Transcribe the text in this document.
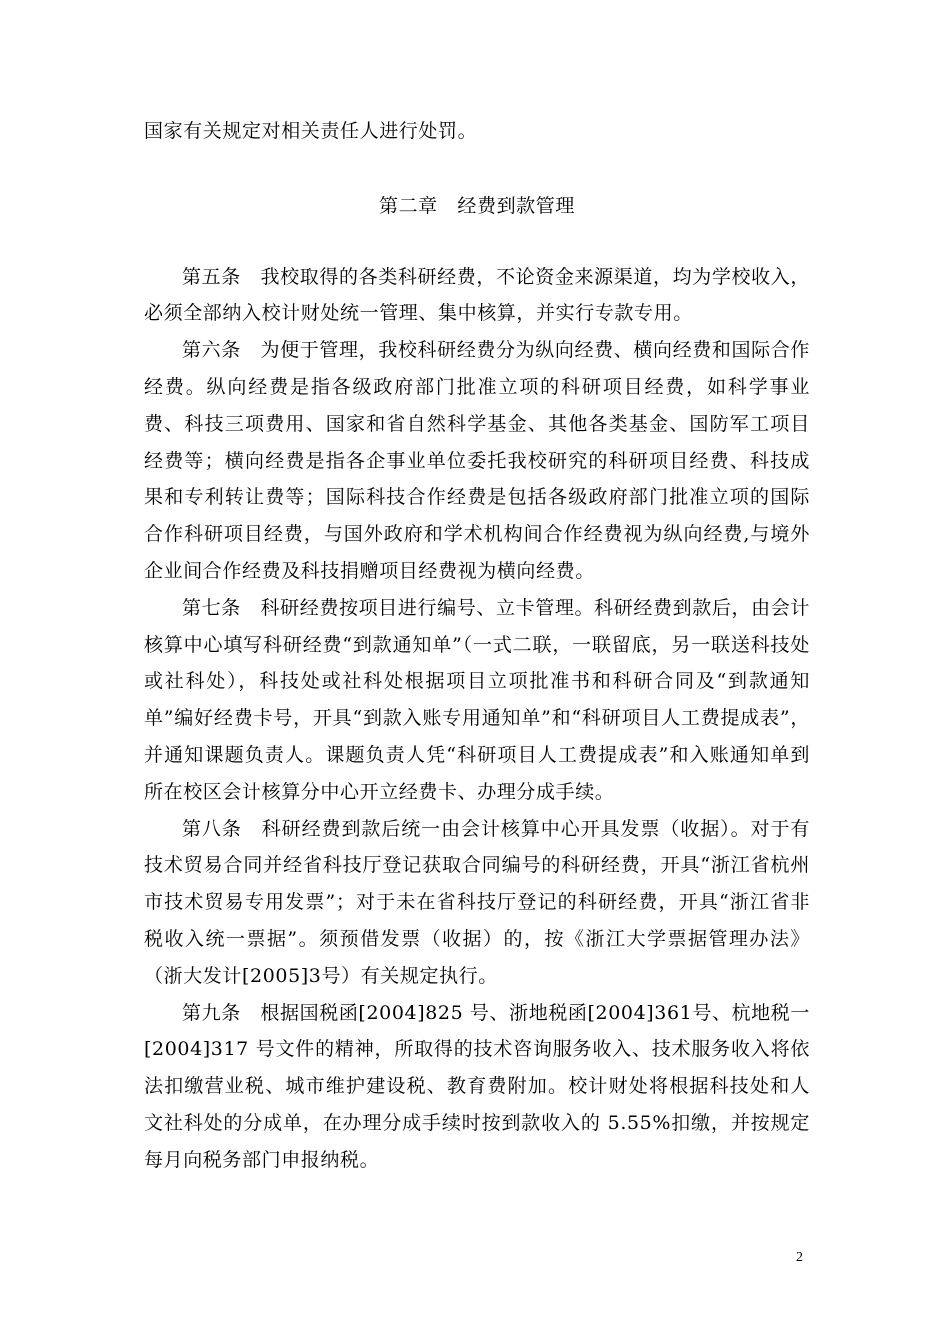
国家有关规定对相关责任人进行处罚。

第二章　经费到款管理

第五条　我校取得的各类科研经费，不论资金来源渠道，均为学校收入，必须全部纳入校计财处统一管理、集中核算，并实行专款专用。

第六条　为便于管理，我校科研经费分为纵向经费、横向经费和国际合作经费。纵向经费是指各级政府部门批准立项的科研项目经费，如科学事业费、科技三项费用、国家和省自然科学基金、其他各类基金、国防军工项目经费等；横向经费是指各企事业单位委托我校研究的科研项目经费、科技成果和专利转让费等；国际科技合作经费是包括各级政府部门批准立项的国际合作科研项目经费，与国外政府和学术机构间合作经费视为纵向经费,与境外企业间合作经费及科技捐赠项目经费视为横向经费。

第七条　科研经费按项目进行编号、立卡管理。科研经费到款后，由会计核算中心填写科研经费“到款通知单”（一式二联，一联留底，另一联送科技处或社科处），科技处或社科处根据项目立项批准书和科研合同及“到款通知单”编好经费卡号，开具“到款入账专用通知单”和“科研项目人工费提成表”，并通知课题负责人。课题负责人凭“科研项目人工费提成表”和入账通知单到所在校区会计核算分中心开立经费卡、办理分成手续。

第八条　科研经费到款后统一由会计核算中心开具发票（收据）。对于有技术贸易合同并经省科技厅登记获取合同编号的科研经费，开具“浙江省杭州市技术贸易专用发票”；对于未在省科技厅登记的科研经费，开具“浙江省非税收入统一票据”。须预借发票（收据）的，按《浙江大学票据管理办法》（浙大发计[2005]3号）有关规定执行。

第九条　根据国税函[2004]825 号、浙地税函[2004]361号、杭地税一[2004]317 号文件的精神，所取得的技术咨询服务收入、技术服务收入将依法扣缴营业税、城市维护建设税、教育费附加。校计财处将根据科技处和人文社科处的分成单，在办理分成手续时按到款收入的 5.55%扣缴，并按规定每月向税务部门申报纳税。

2
